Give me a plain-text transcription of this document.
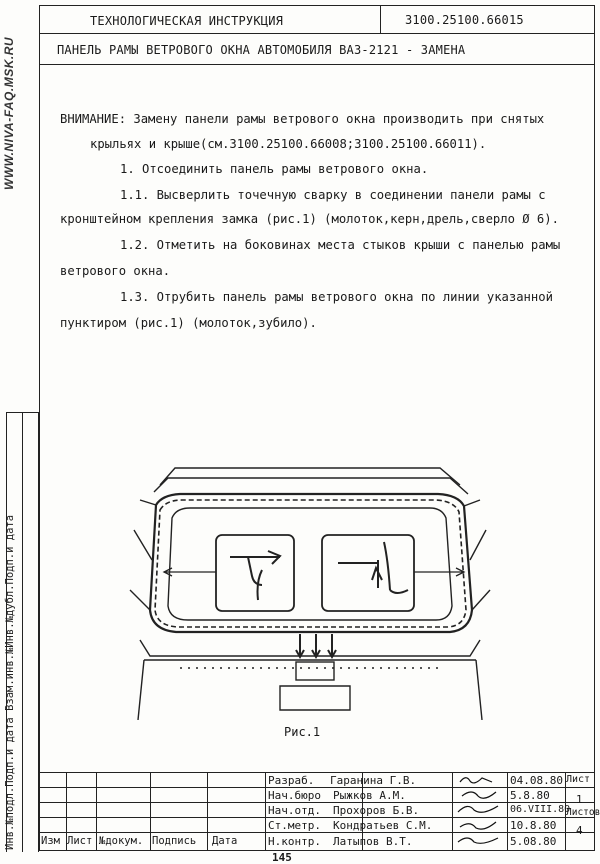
WWW.NIVA-FAQ.MSK.RU
Инв.№подл.Подп.и дата Взам.инв.№Инв.№дубл.Подп.и дата
ТЕХНОЛОГИЧЕСКАЯ ИНСТРУКЦИЯ	3100.25100.66015
ПАНЕЛЬ РАМЫ ВЕТРОВОГО ОКНА АВТОМОБИЛЯ ВАЗ-2121 - ЗАМЕНА
ВНИМАНИЕ: Замену панели рамы ветрового окна производить при снятых
крыльях и крыше(см.3100.25100.66008;3100.25100.66011).
1. Отсоединить панель рамы ветрового окна.
1.1. Высверлить точечную сварку в соединении панели рамы с
кронштейном крепления замка (рис.1) (молоток,керн,дрель,сверло Ø 6).
1.2. Отметить на боковинах места стыков крыши с панелью рамы
ветрового окна.
1.3. Отрубить панель рамы ветрового окна по линии указанной
пунктиром (рис.1) (молоток,зубило).
Рис.1
Разраб.
Нач.бюро
Нач.отд.
Ст.метр.
Н.контр.
Гаранина Г.В.
Рыжков А.М.
Прохоров Б.В.
Кондратьев С.М.
Латыпов В.Т.
04.08.80
5.8.80
06.VIII.80
10.8.80
5.08.80
Лист
1
Листов
4
Изм Лист №докум. Подпись Дата
145
